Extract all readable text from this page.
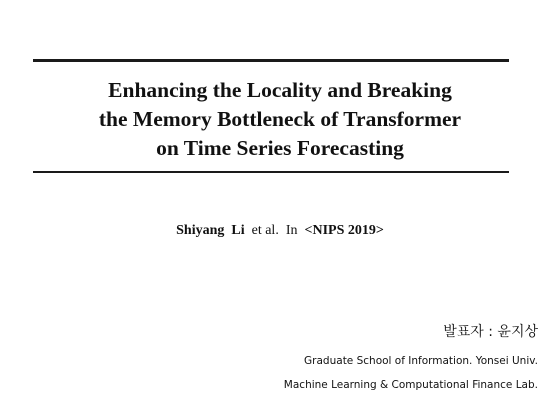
Enhancing the Locality and Breaking
the Memory Bottleneck of Transformer
on Time Series Forecasting
Shiyang Li et al. In <NIPS 2019>
발표자 : 윤지상
Graduate School of Information. Yonsei Univ.
Machine Learning & Computational Finance Lab.
